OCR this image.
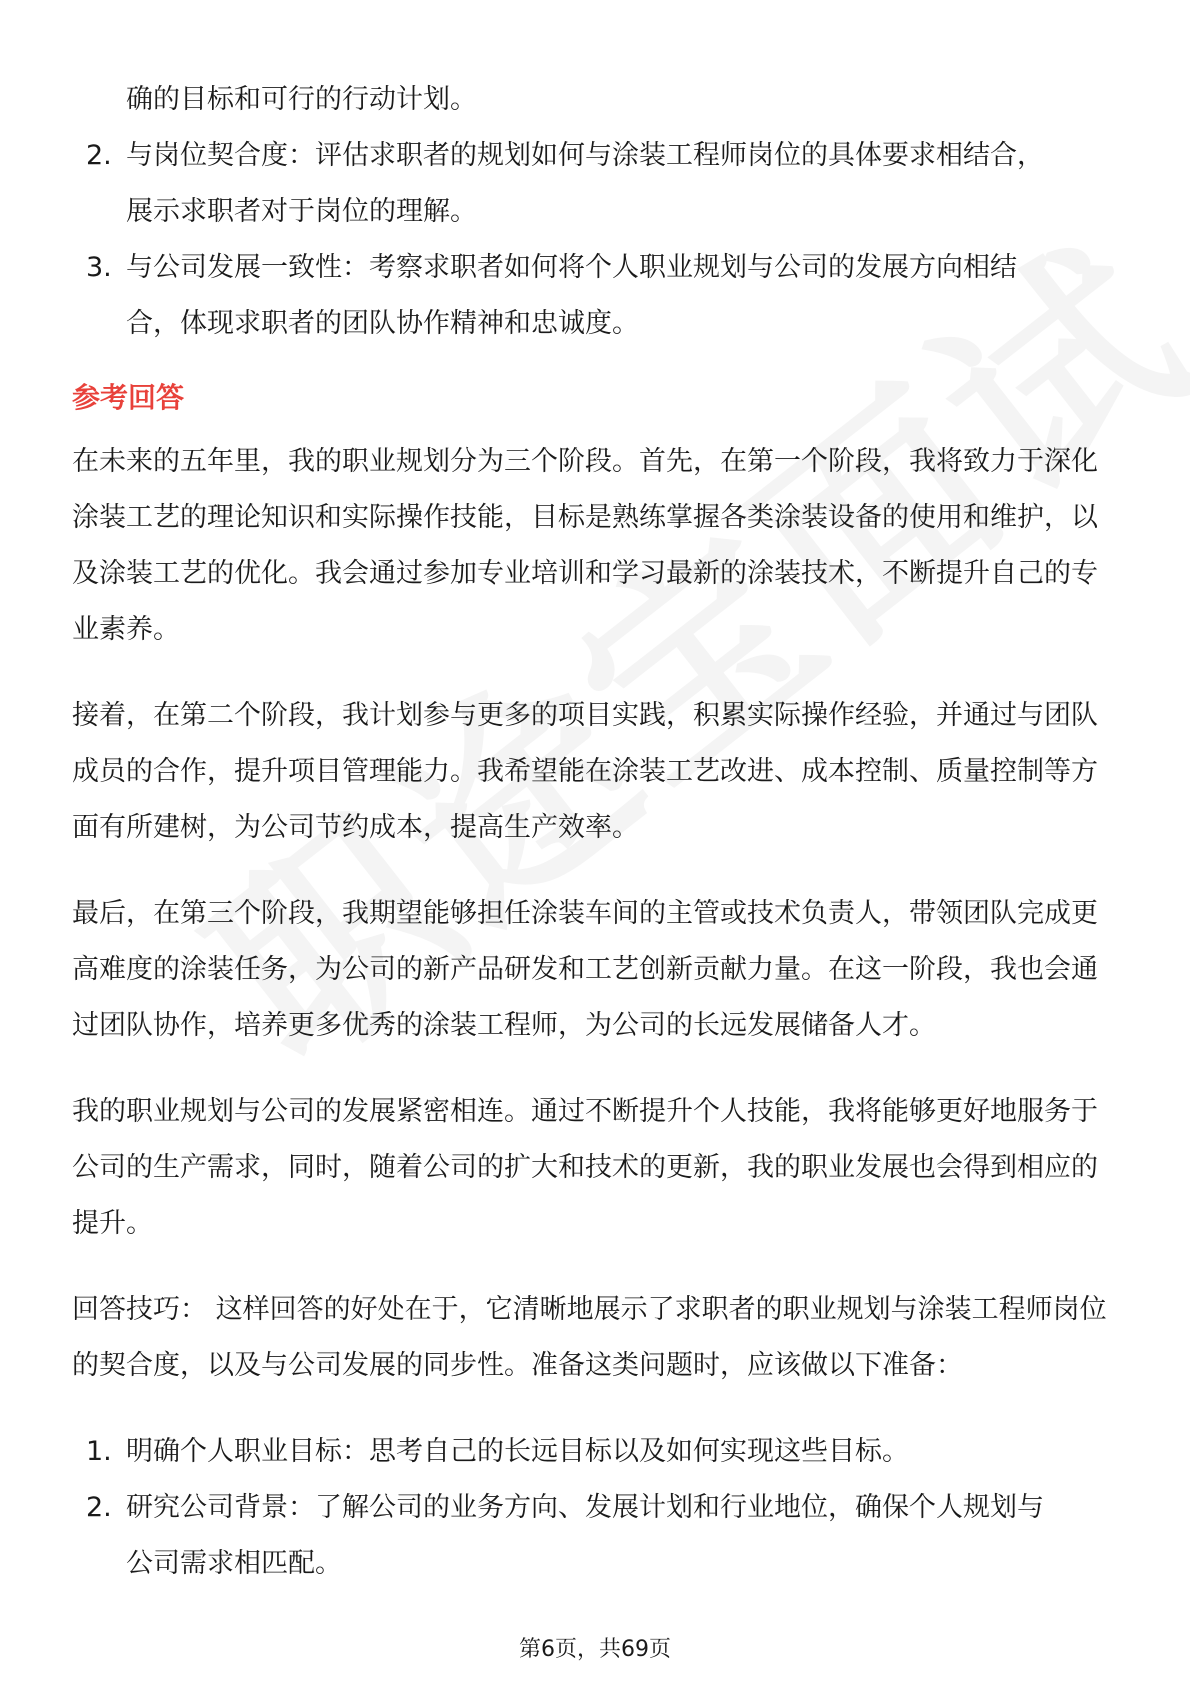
确的目标和可行的行动计划。
2. 与岗位契合度：评估求职者的规划如何与涂装工程师岗位的具体要求相结合，
展示求职者对于岗位的理解。
3. 与公司发展一致性：考察求职者如何将个人职业规划与公司的发展方向相结
合，体现求职者的团队协作精神和忠诚度。
参考回答

在未来的五年里，我的职业规划分为三个阶段。首先，在第一个阶段，我将致力于深化涂装工艺的理论知识和实际操作技能，目标是熟练掌握各类涂装设备的使用和维护，以及涂装工艺的优化。我会通过参加专业培训和学习最新的涂装技术，不断提升自己的专业素养。

接着，在第二个阶段，我计划参与更多的项目实践，积累实际操作经验，并通过与团队成员的合作，提升项目管理能力。我希望能在涂装工艺改进、成本控制、质量控制等方面有所建树，为公司节约成本，提高生产效率。

最后，在第三个阶段，我期望能够担任涂装车间的主管或技术负责人，带领团队完成更高难度的涂装任务，为公司的新产品研发和工艺创新贡献力量。在这一阶段，我也会通过团队协作，培养更多优秀的涂装工程师，为公司的长远发展储备人才。

我的职业规划与公司的发展紧密相连。通过不断提升个人技能，我将能够更好地服务于公司的生产需求，同时，随着公司的扩大和技术的更新，我的职业发展也会得到相应的提升。

回答技巧： 这样回答的好处在于，它清晰地展示了求职者的职业规划与涂装工程师岗位的契合度，以及与公司发展的同步性。准备这类问题时，应该做以下准备：

1. 明确个人职业目标：思考自己的长远目标以及如何实现这些目标。
2. 研究公司背景：了解公司的业务方向、发展计划和行业地位，确保个人规划与
公司需求相匹配。
第6页，共69页
